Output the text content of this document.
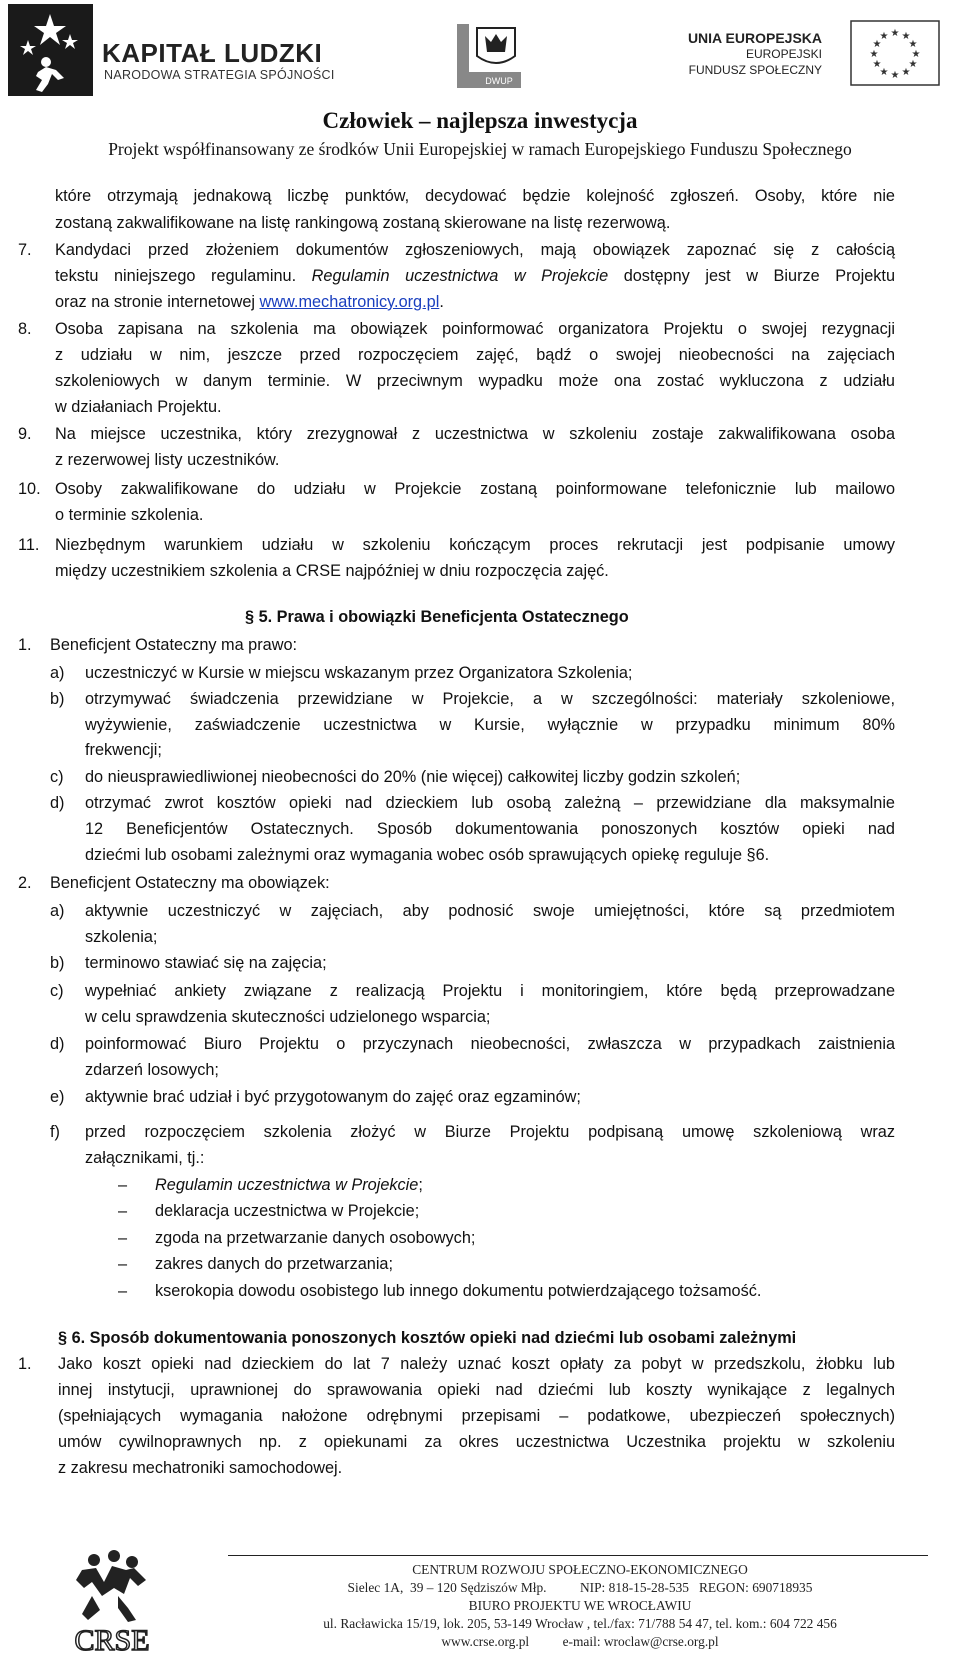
KAPITAŁ LUDZKI
NARODOWA STRATEGIA SPÓJNOŚCI	DWUP
UNIA EUROPEJSKA
EUROPEJSKI
FUNDUSZ SPOŁECZNY
★ ★
★
★
★
★
★
★
★
★
★
★
Człowiek – najlepsza inwestycja
Projekt współfinansowany ze środków Unii Europejskiej w ramach Europejskiego Funduszu Społecznego
które otrzymają jednakową liczbę punktów, decydować będzie kolejność zgłoszeń. Osoby, które nie
zostaną zakwalifikowane na listę rankingową zostaną skierowane na listę rezerwową.
7. Kandydaci przed złożeniem dokumentów zgłoszeniowych, mają obowiązek zapoznać się z całością
tekstu niniejszego regulaminu. Regulamin uczestnictwa w Projekcie dostępny jest w Biurze Projektu
oraz na stronie internetowej www.mechatronicy.org.pl.
8. Osoba zapisana na szkolenia ma obowiązek poinformować organizatora Projektu o swojej rezygnacji
z udziału w nim, jeszcze przed rozpoczęciem zajęć, bądź o swojej nieobecności na zajęciach
szkoleniowych w danym terminie. W przeciwnym wypadku może ona zostać wykluczona z udziału
w działaniach Projektu.
9. Na miejsce uczestnika, który zrezygnował z uczestnictwa w szkoleniu zostaje zakwalifikowana osoba
z rezerwowej listy uczestników.
10. Osoby zakwalifikowane do udziału w Projekcie zostaną poinformowane telefonicznie lub mailowo
o terminie szkolenia.
11. Niezbędnym warunkiem udziału w szkoleniu kończącym proces rekrutacji jest podpisanie umowy
między uczestnikiem szkolenia a CRSE najpóźniej w dniu rozpoczęcia zajęć.
§ 5. Prawa i obowiązki Beneficjenta Ostatecznego
1. Beneficjent Ostateczny ma prawo:
a) uczestniczyć w Kursie w miejscu wskazanym przez Organizatora Szkolenia;
b) otrzymywać świadczenia przewidziane w Projekcie, a w szczególności: materiały szkoleniowe,
wyżywienie, zaświadczenie uczestnictwa w Kursie, wyłącznie w przypadku minimum 80%
frekwencji;
c) do nieusprawiedliwionej nieobecności do 20% (nie więcej) całkowitej liczby godzin szkoleń;
d) otrzymać zwrot kosztów opieki nad dzieckiem lub osobą zależną – przewidziane dla maksymalnie
12 Beneficjentów Ostatecznych. Sposób dokumentowania ponoszonych kosztów opieki nad
dziećmi lub osobami zależnymi oraz wymagania wobec osób sprawujących opiekę reguluje §6.
2. Beneficjent Ostateczny ma obowiązek:
a) aktywnie uczestniczyć w zajęciach, aby podnosić swoje umiejętności, które są przedmiotem
szkolenia;
b) terminowo stawiać się na zajęcia;
c) wypełniać ankiety związane z realizacją Projektu i monitoringiem, które będą przeprowadzane
w celu sprawdzenia skuteczności udzielonego wsparcia;
d) poinformować Biuro Projektu o przyczynach nieobecności, zwłaszcza w przypadkach zaistnienia
zdarzeń losowych;
e) aktywnie brać udział i być przygotowanym do zajęć oraz egzaminów;
f) przed rozpoczęciem szkolenia złożyć w Biurze Projektu podpisaną umowę szkoleniową wraz
załącznikami, tj.:
– Regulamin uczestnictwa w Projekcie;
– deklaracja uczestnictwa w Projekcie;
– zgoda na przetwarzanie danych osobowych;
– zakres danych do przetwarzania;
– kserokopia dowodu osobistego lub innego dokumentu potwierdzającego tożsamość.
§ 6. Sposób dokumentowania ponoszonych kosztów opieki nad dziećmi lub osobami zależnymi
1. Jako koszt opieki nad dzieckiem do lat 7 należy uznać koszt opłaty za pobyt w przedszkolu, żłobku lub
innej instytucji, uprawnionej do sprawowania opieki nad dziećmi lub koszty wynikające z legalnych
(spełniających wymagania nałożone odrębnymi przepisami – podatkowe, ubezpieczeń społecznych)
umów cywilnoprawnych np. z opiekunami za okres uczestnictwa Uczestnika projektu w szkoleniu
z zakresu mechatroniki samochodowej.
CRSE
CENTRUM ROZWOJU SPOŁECZNO-EKONOMICZNEGO
Sielec 1A,  39 – 120 Sędziszów Młp.          NIP: 818-15-28-535   REGON: 690718935
BIURO PROJEKTU WE WROCŁAWIU
ul. Racławicka 15/19, lok. 205, 53-149 Wrocław , tel./fax: 71/788 54 47, tel. kom.: 604 722 456
www.crse.org.pl          e-mail: wroclaw@crse.org.pl
